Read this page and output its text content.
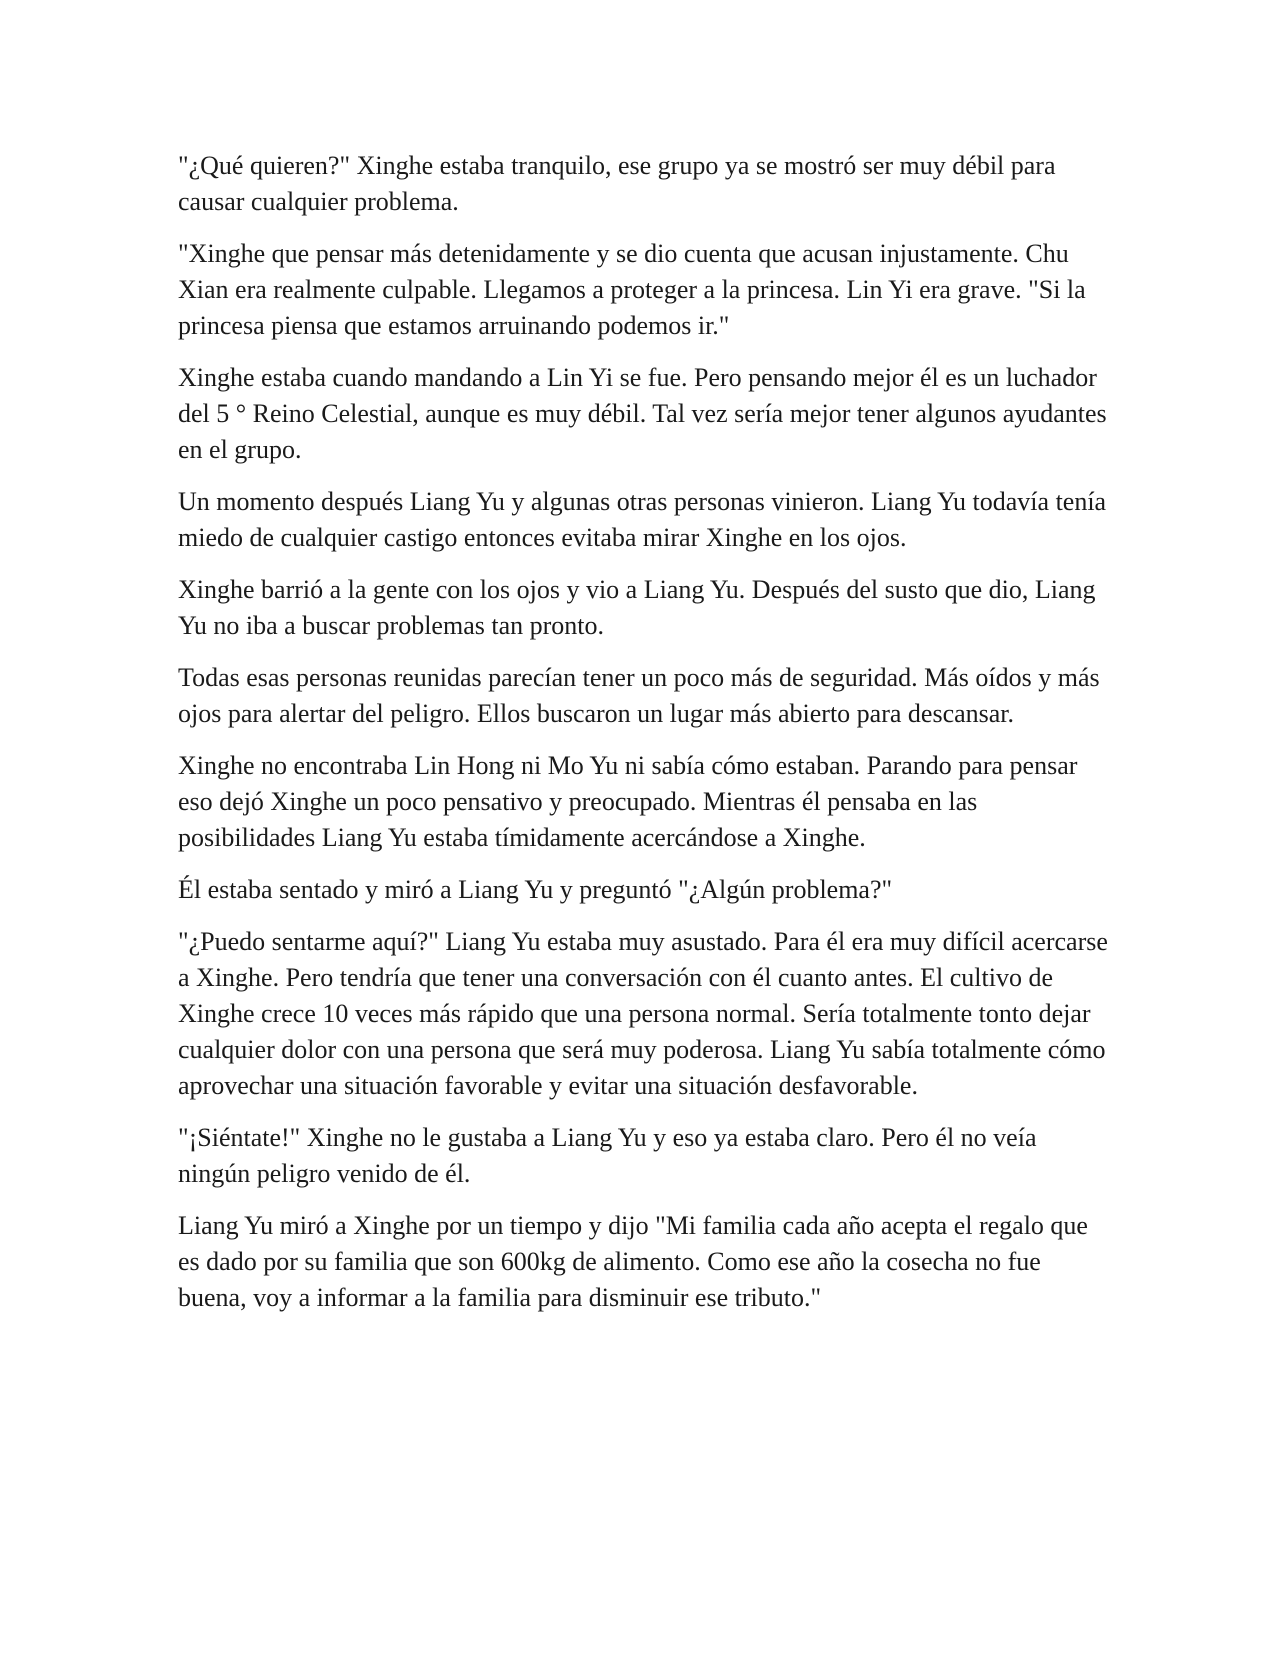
"¿Qué quieren?" Xinghe estaba tranquilo, ese grupo ya se mostró ser muy débil para causar cualquier problema.

"Xinghe que pensar más detenidamente y se dio cuenta que acusan injustamente. Chu Xian era realmente culpable. Llegamos a proteger a la princesa. Lin Yi era grave. "Si la princesa piensa que estamos arruinando podemos ir."

Xinghe estaba cuando mandando a Lin Yi se fue. Pero pensando mejor él es un luchador del 5 ° Reino Celestial, aunque es muy débil. Tal vez sería mejor tener algunos ayudantes en el grupo.

Un momento después Liang Yu y algunas otras personas vinieron. Liang Yu todavía tenía miedo de cualquier castigo entonces evitaba mirar Xinghe en los ojos.

Xinghe barrió a la gente con los ojos y vio a Liang Yu. Después del susto que dio, Liang Yu no iba a buscar problemas tan pronto.

Todas esas personas reunidas parecían tener un poco más de seguridad. Más oídos y más ojos para alertar del peligro. Ellos buscaron un lugar más abierto para descansar.

Xinghe no encontraba Lin Hong ni Mo Yu ni sabía cómo estaban. Parando para pensar eso dejó Xinghe un poco pensativo y preocupado. Mientras él pensaba en las posibilidades Liang Yu estaba tímidamente acercándose a Xinghe.

Él estaba sentado y miró a Liang Yu y preguntó "¿Algún problema?"

"¿Puedo sentarme aquí?" Liang Yu estaba muy asustado. Para él era muy difícil acercarse a Xinghe. Pero tendría que tener una conversación con él cuanto antes. El cultivo de Xinghe crece 10 veces más rápido que una persona normal. Sería totalmente tonto dejar cualquier dolor con una persona que será muy poderosa. Liang Yu sabía totalmente cómo aprovechar una situación favorable y evitar una situación desfavorable.

"¡Siéntate!" Xinghe no le gustaba a Liang Yu y eso ya estaba claro. Pero él no veía ningún peligro venido de él.

Liang Yu miró a Xinghe por un tiempo y dijo "Mi familia cada año acepta el regalo que es dado por su familia que son 600kg de alimento. Como ese año la cosecha no fue buena, voy a informar a la familia para disminuir ese tributo."
